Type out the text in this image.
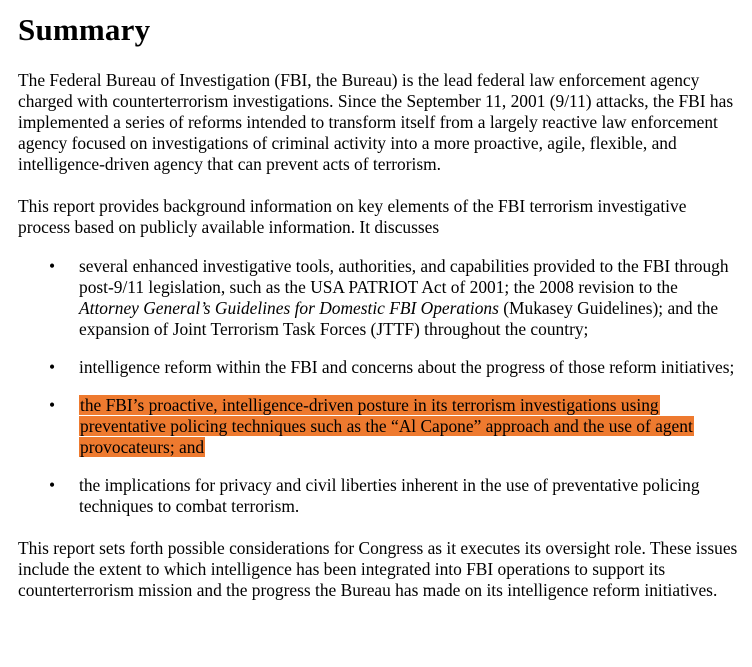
Summary

The Federal Bureau of Investigation (FBI, the Bureau) is the lead federal law enforcement agency charged with counterterrorism investigations. Since the September 11, 2001 (9/11) attacks, the FBI has implemented a series of reforms intended to transform itself from a largely reactive law enforcement agency focused on investigations of criminal activity into a more proactive, agile, flexible, and intelligence-driven agency that can prevent acts of terrorism.

This report provides background information on key elements of the FBI terrorism investigative process based on publicly available information. It discusses

• several enhanced investigative tools, authorities, and capabilities provided to the FBI through post-9/11 legislation, such as the USA PATRIOT Act of 2001; the 2008 revision to the Attorney General’s Guidelines for Domestic FBI Operations (Mukasey Guidelines); and the expansion of Joint Terrorism Task Forces (JTTF) throughout the country;
• intelligence reform within the FBI and concerns about the progress of those reform initiatives;
• the FBI’s proactive, intelligence-driven posture in its terrorism investigations using preventative policing techniques such as the “Al Capone” approach and the use of agent provocateurs; and
• the implications for privacy and civil liberties inherent in the use of preventative policing techniques to combat terrorism.

This report sets forth possible considerations for Congress as it executes its oversight role. These issues include the extent to which intelligence has been integrated into FBI operations to support its counterterrorism mission and the progress the Bureau has made on its intelligence reform initiatives.
